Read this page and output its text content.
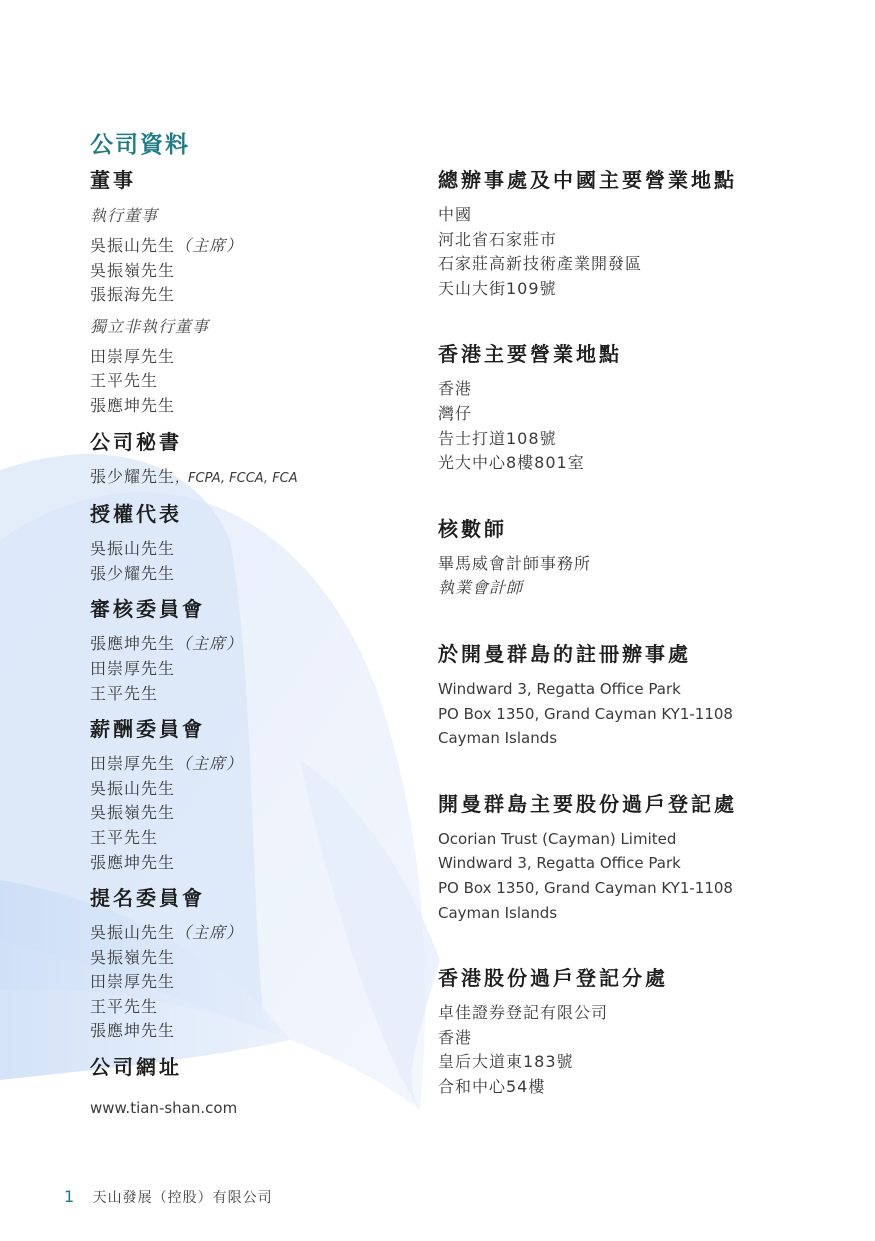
公司資料
董事
執行董事
吳振山先生（主席）
吳振嶺先生
張振海先生
獨立非執行董事
田崇厚先生
王平先生
張應坤先生
公司秘書
張少耀先生，FCPA, FCCA, FCA
授權代表
吳振山先生
張少耀先生
審核委員會
張應坤先生（主席）
田崇厚先生
王平先生
薪酬委員會
田崇厚先生（主席）
吳振山先生
吳振嶺先生
王平先生
張應坤先生
提名委員會
吳振山先生（主席）
吳振嶺先生
田崇厚先生
王平先生
張應坤先生
公司網址
www.tian-shan.com
總辦事處及中國主要營業地點
中國
河北省石家莊市
石家莊高新技術產業開發區
天山大街109號
香港主要營業地點
香港
灣仔
告士打道108號
光大中心8樓801室
核數師
畢馬威會計師事務所
執業會計師
於開曼群島的註冊辦事處
Windward 3, Regatta Office Park
PO Box 1350, Grand Cayman KY1-1108
Cayman Islands
開曼群島主要股份過戶登記處
Ocorian Trust (Cayman) Limited
Windward 3, Regatta Office Park
PO Box 1350, Grand Cayman KY1-1108
Cayman Islands
香港股份過戶登記分處
卓佳證券登記有限公司
香港
皇后大道東183號
合和中心54樓
1 天山發展（控股）有限公司
